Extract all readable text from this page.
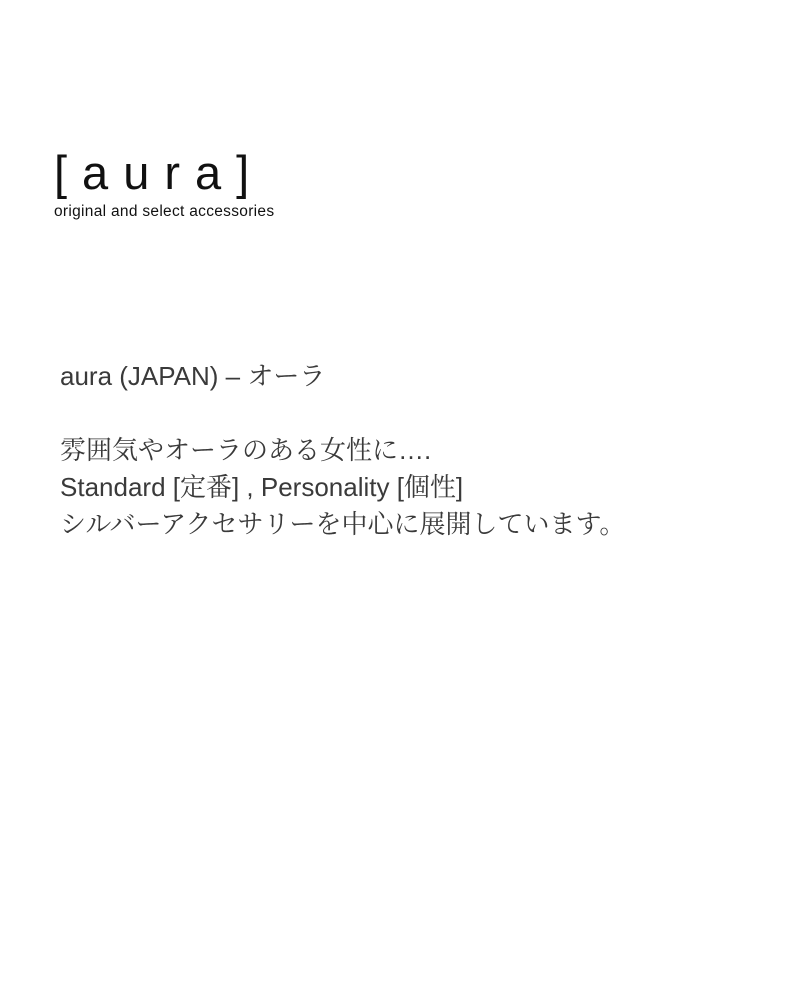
[aura]
original and select accessories

aura (JAPAN) – オーラ

雰囲気やオーラのある女性に….

Standard [定番] , Personality [個性]

シルバーアクセサリーを中心に展開しています。
